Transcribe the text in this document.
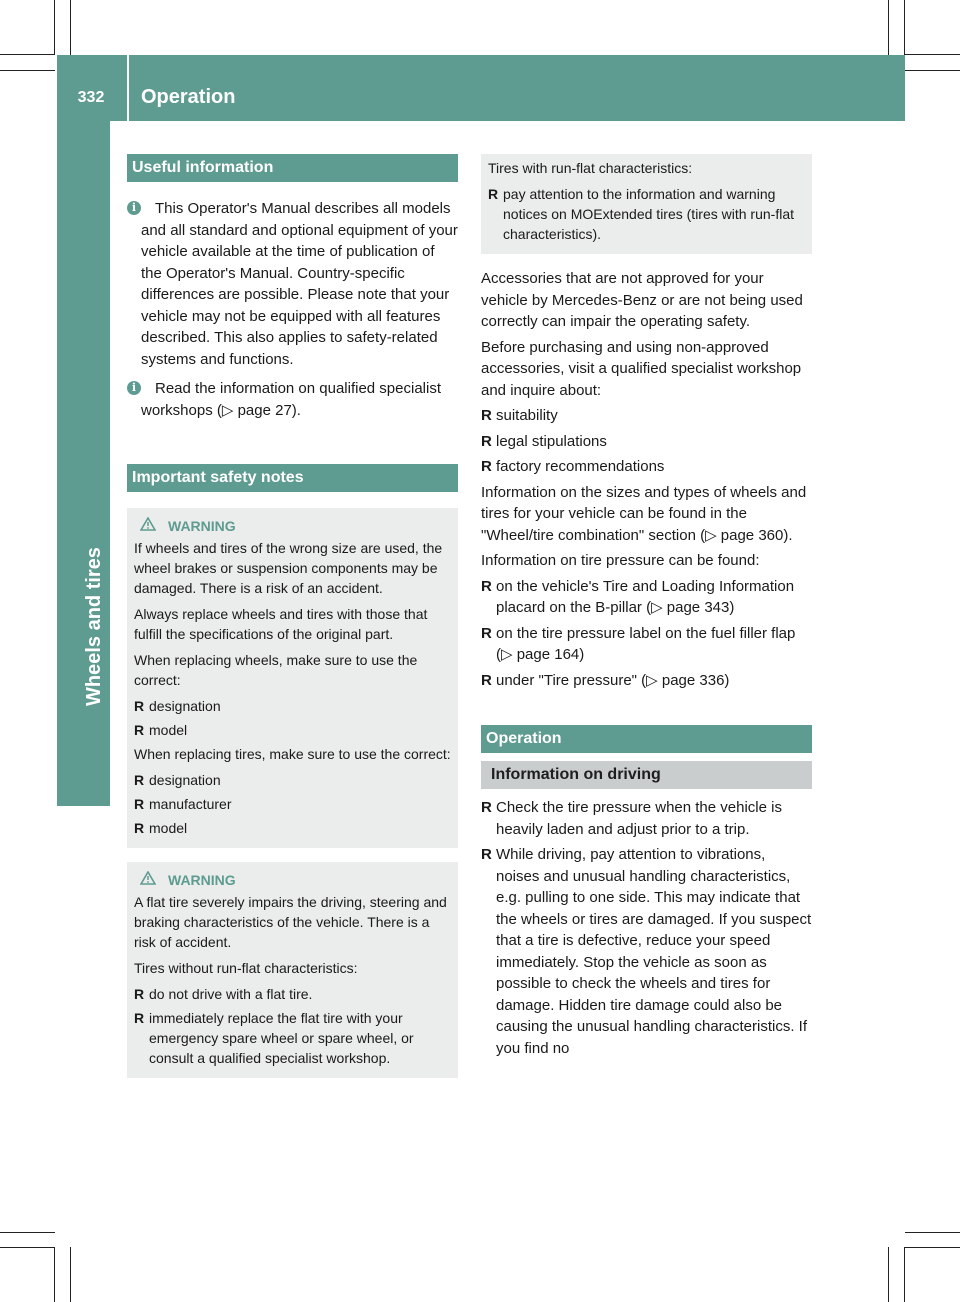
332	Operation
Wheels and tires
Useful information
i	This Operator's Manual describes all models and all standard and optional equipment of your vehicle available at the time of publication of the Operator's Manual. Country-specific differences are possible. Please note that your vehicle may not be equipped with all features described. This also applies to safety-related systems and functions.
i	Read the information on qualified specialist workshops (▷ page 27).
Important safety notes
WARNING

If wheels and tires of the wrong size are used, the wheel brakes or suspension components may be damaged. There is a risk of an accident.

Always replace wheels and tires with those that fulfill the specifications of the original part.

When replacing wheels, make sure to use the correct:

R designation
R model

When replacing tires, make sure to use the correct:

R designation
R manufacturer
R model
WARNING

A flat tire severely impairs the driving, steering and braking characteristics of the vehicle. There is a risk of accident.

Tires without run-flat characteristics:

R do not drive with a flat tire.
R immediately replace the flat tire with your emergency spare wheel or spare wheel, or consult a qualified specialist workshop.

Tires with run-flat characteristics:

R pay attention to the information and warning notices on MOExtended tires (tires with run-flat characteristics).

Accessories that are not approved for your vehicle by Mercedes-Benz or are not being used correctly can impair the operating safety.

Before purchasing and using non-approved accessories, visit a qualified specialist workshop and inquire about:

R suitability
R legal stipulations
R factory recommendations

Information on the sizes and types of wheels and tires for your vehicle can be found in the "Wheel/tire combination" section (▷ page 360).

Information on tire pressure can be found:

R on the vehicle's Tire and Loading Information placard on the B-pillar (▷ page 343)
R on the tire pressure label on the fuel filler flap (▷ page 164)
R under "Tire pressure" (▷ page 336)
Operation
Information on driving
R Check the tire pressure when the vehicle is heavily laden and adjust prior to a trip.
R While driving, pay attention to vibrations, noises and unusual handling characteristics, e.g. pulling to one side. This may indicate that the wheels or tires are damaged. If you suspect that a tire is defective, reduce your speed immediately. Stop the vehicle as soon as possible to check the wheels and tires for damage. Hidden tire damage could also be causing the unusual handling characteristics. If you find no
